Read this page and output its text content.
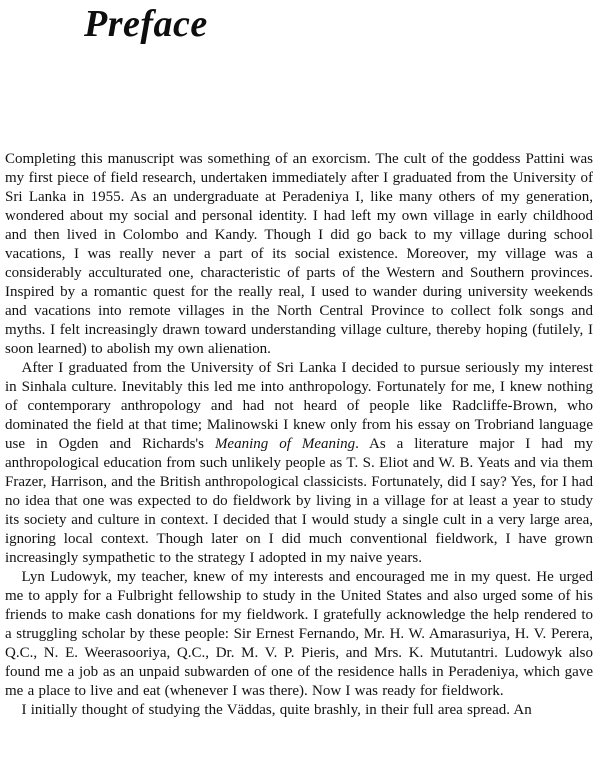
Preface

Completing this manuscript was something of an exorcism. The cult of the goddess Pattini was my first piece of field research, undertaken immediately after I graduated from the University of Sri Lanka in 1955. As an undergraduate at Peradeniya I, like many others of my generation, wondered about my social and personal identity. I had left my own village in early childhood and then lived in Colombo and Kandy. Though I did go back to my village during school vacations, I was really never a part of its social existence. Moreover, my village was a considerably acculturated one, characteristic of parts of the Western and Southern provinces. Inspired by a romantic quest for the really real, I used to wander during university weekends and vacations into remote villages in the North Central Province to collect folk songs and myths. I felt increasingly drawn toward understanding village culture, thereby hoping (futilely, I soon learned) to abolish my own alienation.

After I graduated from the University of Sri Lanka I decided to pursue seriously my interest in Sinhala culture. Inevitably this led me into anthropology. Fortunately for me, I knew nothing of contemporary anthropology and had not heard of people like Radcliffe-Brown, who dominated the field at that time; Malinowski I knew only from his essay on Trobriand language use in Ogden and Richards's Meaning of Meaning. As a literature major I had my anthropological education from such unlikely people as T. S. Eliot and W. B. Yeats and via them Frazer, Harrison, and the British anthropological classicists. Fortunately, did I say? Yes, for I had no idea that one was expected to do fieldwork by living in a village for at least a year to study its society and culture in context. I decided that I would study a single cult in a very large area, ignoring local context. Though later on I did much conventional fieldwork, I have grown increasingly sympathetic to the strategy I adopted in my naive years.

Lyn Ludowyk, my teacher, knew of my interests and encouraged me in my quest. He urged me to apply for a Fulbright fellowship to study in the United States and also urged some of his friends to make cash donations for my fieldwork. I gratefully acknowledge the help rendered to a struggling scholar by these people: Sir Ernest Fernando, Mr. H. W. Amarasuriya, H. V. Perera, Q.C., N. E. Weerasooriya, Q.C., Dr. M. V. P. Pieris, and Mrs. K. Mututantri. Ludowyk also found me a job as an unpaid subwarden of one of the residence halls in Peradeniya, which gave me a place to live and eat (whenever I was there). Now I was ready for fieldwork.

I initially thought of studying the Väddas, quite brashly, in their full area spread. An
